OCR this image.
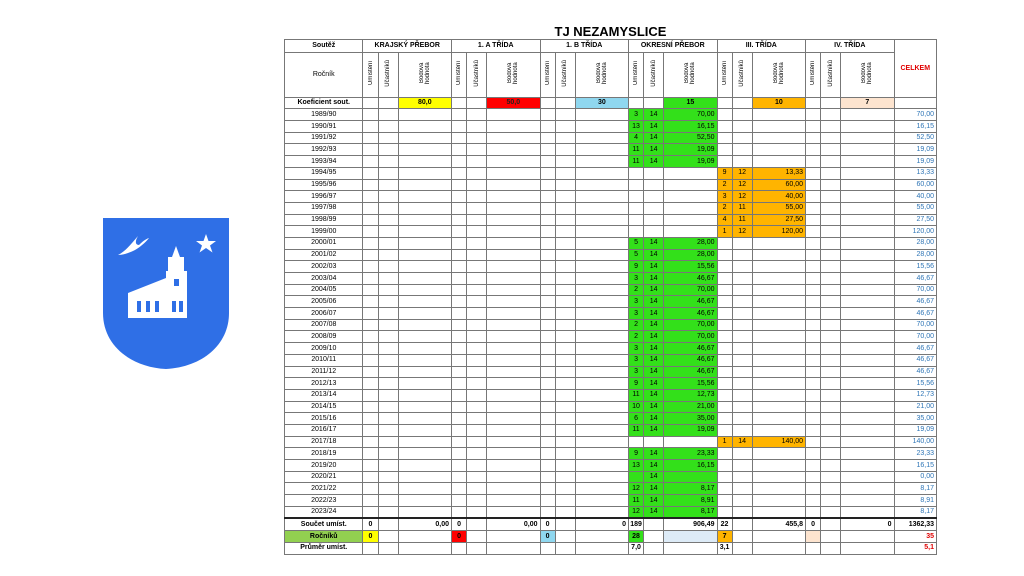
TJ NEZAMYSLICE
Soutěž	KRAJSKÝ PŘEBOR			1. A TŘÍDA			1. B TŘÍDA			OKRESNÍ PŘEBOR			III. TŘÍDA			IV. TŘÍDA			CELKEM
Ročník	Umístění	Účastníků	Bodová hodnota	Umístění	Účastníků	Bodová hodnota	Umístění	Účastníků	Bodová hodnota	Umístění	Účastníků	Bodová hodnota	Umístění	Účastníků	Bodová hodnota	Umístění	Účastníků	Bodová hodnota	
Koeficient sout.			80,0			50,0			30			15			10			7	
1989/90										3	14	70,00							70,00
1990/91										13	14	16,15							16,15
1991/92										4	14	52,50							52,50
1992/93										11	14	19,09							19,09
1993/94										11	14	19,09							19,09
1994/95													9	12	13,33				13,33
1995/96													2	12	60,00				60,00
1996/97													3	12	40,00				40,00
1997/98													2	11	55,00				55,00
1998/99													4	11	27,50				27,50
1999/00													1	12	120,00				120,00
2000/01										5	14	28,00							28,00
2001/02										5	14	28,00							28,00
2002/03										9	14	15,56							15,56
2003/04										3	14	46,67							46,67
2004/05										2	14	70,00							70,00
2005/06										3	14	46,67							46,67
2006/07										3	14	46,67							46,67
2007/08										2	14	70,00							70,00
2008/09										2	14	70,00							70,00
2009/10										3	14	46,67							46,67
2010/11										3	14	46,67							46,67
2011/12										3	14	46,67							46,67
2012/13										9	14	15,56							15,56
2013/14										11	14	12,73							12,73
2014/15										10	14	21,00							21,00
2015/16										6	14	35,00							35,00
2016/17										11	14	19,09							19,09
2017/18													1	14	140,00				140,00
2018/19										9	14	23,33							23,33
2019/20										13	14	16,15							16,15
2020/21											14								0,00
2021/22										12	14	8,17							8,17
2022/23										11	14	8,91							8,91
2023/24										12	14	8,17							8,17
Součet umíst.	0		0,00	0		0,00	0		0	189		906,49	22		455,8	0		0	1362,33
Ročníků	0			0			0			28			7						35
Průměr umíst.										7,0			3,1						5,1
